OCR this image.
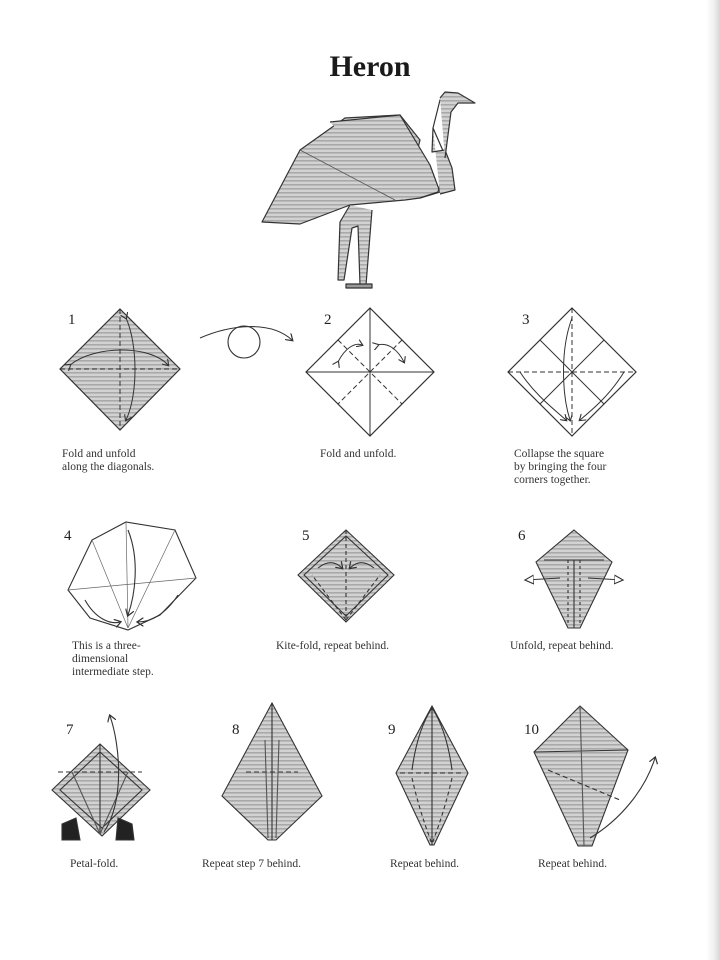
Heron
1	2	3
4	5	6
7	8	9	10
Fold and unfold
along the diagonals.
Fold and unfold.	Collapse the square
by bringing the four
corners together.
This is a three-
dimensional
intermediate step.
Kite-fold, repeat behind.	Unfold, repeat behind.
Petal-fold.	Repeat step 7 behind.	Repeat behind.	Repeat behind.
